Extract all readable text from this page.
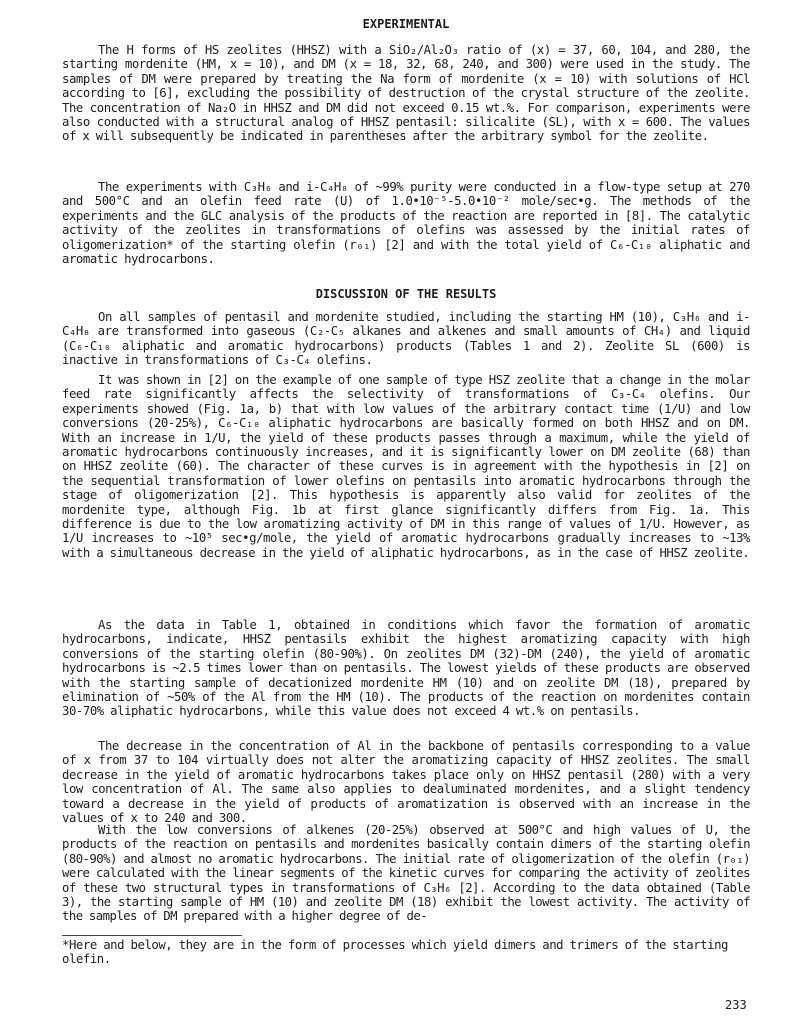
EXPERIMENTAL

The H forms of HS zeolites (HHSZ) with a SiO₂/Al₂O₃ ratio of (x) = 37, 60, 104, and 280, the starting mordenite (HM, x = 10), and DM (x = 18, 32, 68, 240, and 300) were used in the study. The samples of DM were prepared by treating the Na form of mordenite (x = 10) with solutions of HCl according to [6], excluding the possibility of destruction of the crystal structure of the zeolite. The concentration of Na₂O in HHSZ and DM did not exceed 0.15 wt.%. For comparison, experiments were also conducted with a structural analog of HHSZ pentasil: silicalite (SL), with x = 600. The values of x will subsequently be indicated in parentheses after the arbitrary symbol for the zeolite.

The experiments with C₃H₆ and i-C₄H₈ of ~99% purity were conducted in a flow-type setup at 270 and 500°C and an olefin feed rate (U) of 1.0•10⁻⁵-5.0•10⁻² mole/sec•g. The methods of the experiments and the GLC analysis of the products of the reaction are reported in [8]. The catalytic activity of the zeolites in transformations of olefins was assessed by the initial rates of oligomerization* of the starting olefin (r₀₁) [2] and with the total yield of C₆-C₁₀ aliphatic and aromatic hydrocarbons.

DISCUSSION OF THE RESULTS

On all samples of pentasil and mordenite studied, including the starting HM (10), C₃H₆ and i-C₄H₈ are transformed into gaseous (C₂-C₅ alkanes and alkenes and small amounts of CH₄) and liquid (C₆-C₁₀ aliphatic and aromatic hydrocarbons) products (Tables 1 and 2). Zeolite SL (600) is inactive in transformations of C₃-C₄ olefins.

It was shown in [2] on the example of one sample of type HSZ zeolite that a change in the molar feed rate significantly affects the selectivity of transformations of C₃-C₄ olefins. Our experiments showed (Fig. 1a, b) that with low values of the arbitrary contact time (1/U) and low conversions (20-25%), C₆-C₁₀ aliphatic hydrocarbons are basically formed on both HHSZ and on DM. With an increase in 1/U, the yield of these products passes through a maximum, while the yield of aromatic hydrocarbons continuously increases, and it is significantly lower on DM zeolite (68) than on HHSZ zeolite (60). The character of these curves is in agreement with the hypothesis in [2] on the sequential transformation of lower olefins on pentasils into aromatic hydrocarbons through the stage of oligomerization [2]. This hypothesis is apparently also valid for zeolites of the mordenite type, although Fig. 1b at first glance significantly differs from Fig. 1a. This difference is due to the low aromatizing activity of DM in this range of values of 1/U. However, as 1/U increases to ~10⁵ sec•g/mole, the yield of aromatic hydrocarbons gradually increases to ~13% with a simultaneous decrease in the yield of aliphatic hydrocarbons, as in the case of HHSZ zeolite.

As the data in Table 1, obtained in conditions which favor the formation of aromatic hydrocarbons, indicate, HHSZ pentasils exhibit the highest aromatizing capacity with high conversions of the starting olefin (80-90%). On zeolites DM (32)-DM (240), the yield of aromatic hydrocarbons is ~2.5 times lower than on pentasils. The lowest yields of these products are observed with the starting sample of decationized mordenite HM (10) and on zeolite DM (18), prepared by elimination of ~50% of the Al from the HM (10). The products of the reaction on mordenites contain 30-70% aliphatic hydrocarbons, while this value does not exceed 4 wt.% on pentasils.

The decrease in the concentration of Al in the backbone of pentasils corresponding to a value of x from 37 to 104 virtually does not alter the aromatizing capacity of HHSZ zeolites. The small decrease in the yield of aromatic hydrocarbons takes place only on HHSZ pentasil (280) with a very low concentration of Al. The same also applies to dealuminated mordenites, and a slight tendency toward a decrease in the yield of products of aromatization is observed with an increase in the values of x to 240 and 300.

With the low conversions of alkenes (20-25%) observed at 500°C and high values of U, the products of the reaction on pentasils and mordenites basically contain dimers of the starting olefin (80-90%) and almost no aromatic hydrocarbons. The initial rate of oligomerization of the olefin (r₀₁) were calculated with the linear segments of the kinetic curves for comparing the activity of zeolites of these two structural types in transformations of C₃H₆ [2]. According to the data obtained (Table 3), the starting sample of HM (10) and zeolite DM (18) exhibit the lowest activity. The activity of the samples of DM prepared with a higher degree of de-

*Here and below, they are in the form of processes which yield dimers and trimers of the starting olefin.

233
